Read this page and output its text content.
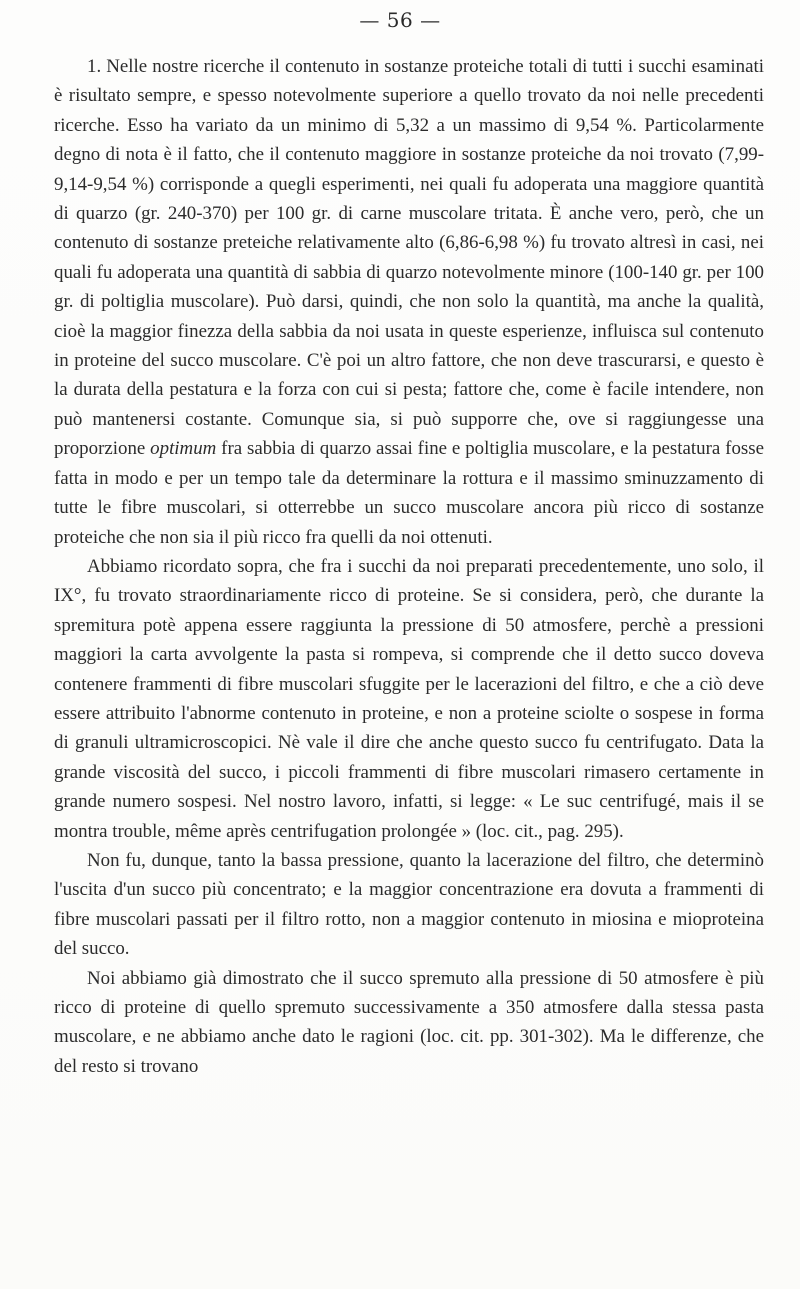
— 56 —

1. Nelle nostre ricerche il contenuto in sostanze proteiche totali di tutti i succhi esaminati è risultato sempre, e spesso notevolmente superiore a quello trovato da noi nelle precedenti ricerche. Esso ha variato da un minimo di 5,32 a un massimo di 9,54 %. Particolarmente degno di nota è il fatto, che il contenuto maggiore in sostanze proteiche da noi trovato (7,99-9,14-9,54 %) corrisponde a quegli esperimenti, nei quali fu adoperata una maggiore quantità di quarzo (gr. 240-370) per 100 gr. di carne muscolare tritata. È anche vero, però, che un contenuto di sostanze preteiche relativamente alto (6,86-6,98 %) fu trovato altresì in casi, nei quali fu adoperata una quantità di sabbia di quarzo notevolmente minore (100-140 gr. per 100 gr. di poltiglia muscolare). Può darsi, quindi, che non solo la quantità, ma anche la qualità, cioè la maggior finezza della sabbia da noi usata in queste esperienze, influisca sul contenuto in proteine del succo muscolare. C'è poi un altro fattore, che non deve trascurarsi, e questo è la durata della pestatura e la forza con cui si pesta; fattore che, come è facile intendere, non può mantenersi costante. Comunque sia, si può supporre che, ove si raggiungesse una proporzione optimum fra sabbia di quarzo assai fine e poltiglia muscolare, e la pestatura fosse fatta in modo e per un tempo tale da determinare la rottura e il massimo sminuzzamento di tutte le fibre muscolari, si otterrebbe un succo muscolare ancora più ricco di sostanze proteiche che non sia il più ricco fra quelli da noi ottenuti.

Abbiamo ricordato sopra, che fra i succhi da noi preparati precedentemente, uno solo, il IX°, fu trovato straordinariamente ricco di proteine. Se si considera, però, che durante la spremitura potè appena essere raggiunta la pressione di 50 atmosfere, perchè a pressioni maggiori la carta avvolgente la pasta si rompeva, si comprende che il detto succo doveva contenere frammenti di fibre muscolari sfuggite per le lacerazioni del filtro, e che a ciò deve essere attribuito l'abnorme contenuto in proteine, e non a proteine sciolte o sospese in forma di granuli ultramicroscopici. Nè vale il dire che anche questo succo fu centrifugato. Data la grande viscosità del succo, i piccoli frammenti di fibre muscolari rimasero certamente in grande numero sospesi. Nel nostro lavoro, infatti, si legge: « Le suc centrifugé, mais il se montra trouble, même après centrifugation prolongée » (loc. cit., pag. 295).

Non fu, dunque, tanto la bassa pressione, quanto la lacerazione del filtro, che determinò l'uscita d'un succo più concentrato; e la maggior concentrazione era dovuta a frammenti di fibre muscolari passati per il filtro rotto, non a maggior contenuto in miosina e mioproteina del succo.

Noi abbiamo già dimostrato che il succo spremuto alla pressione di 50 atmosfere è più ricco di proteine di quello spremuto successivamente a 350 atmosfere dalla stessa pasta muscolare, e ne abbiamo anche dato le ragioni (loc. cit. pp. 301-302). Ma le differenze, che del resto si trovano
